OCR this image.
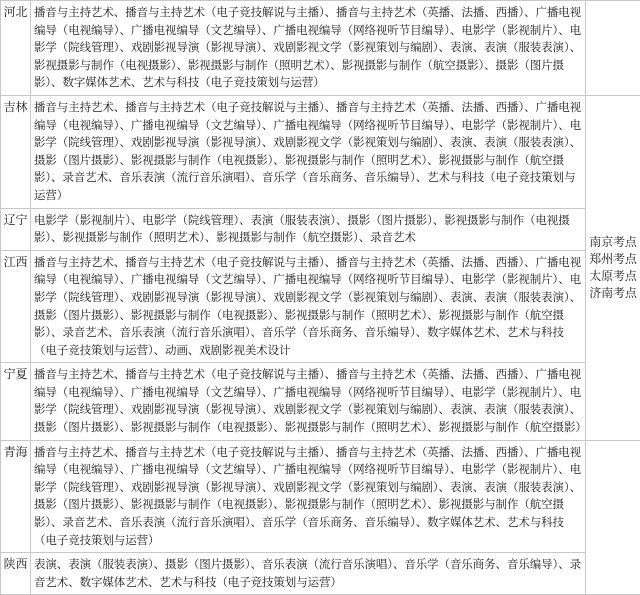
河北	播音与主持艺术、播音与主持艺术（电子竞技解说与主播）、播音与主持艺术（英播、法播、西播）、广播电视编导（电视编导）、广播电视编导（文艺编导）、广播电视编导（网络视听节目编导）、电影学（影视制片）、电影学（院线管理）、戏剧影视导演（影视导演）、戏剧影视文学（影视策划与编剧）、表演、表演（服装表演）、影视摄影与制作（电视摄影）、影视摄影与制作（照明艺术）、影视摄影与制作（航空摄影）、摄影（图片摄影）、数字媒体艺术、艺术与科技（电子竞技策划与运营）	
吉林	播音与主持艺术、播音与主持艺术（电子竞技解说与主播）、播音与主持艺术（英播、法播、西播）、广播电视编导（电视编导）、广播电视编导（文艺编导）、广播电视编导（网络视听节目编导）、电影学（影视制片）、电影学（院线管理）、戏剧影视导演（影视导演）、戏剧影视文学（影视策划与编剧）、表演、表演（服装表演）、摄影（图片摄影）、影视摄影与制作（电视摄影）、影视摄影与制作（照明艺术）、影视摄影与制作（航空摄影）、录音艺术、音乐表演（流行音乐演唱）、音乐学（音乐商务、音乐编导）、艺术与科技（电子竞技策划与运营）	南京考点郑州考点太原考点济南考点

辽宁	电影学（影视制片）、电影学（院线管理）、表演（服装表演）、摄影（图片摄影）、影视摄影与制作（电视摄影）、影视摄影与制作（照明艺术）、影视摄影与制作（航空摄影）、录音艺术	
江西	播音与主持艺术、播音与主持艺术（电子竞技解说与主播）、播音与主持艺术（英播、法播、西播）、广播电视编导（电视编导）、广播电视编导（文艺编导）、广播电视编导（网络视听节目编导）、电影学（影视制片）、电影学（院线管理）、戏剧影视导演（影视导演）、戏剧影视文学（影视策划与编剧）、表演、表演（服装表演）、摄影（图片摄影）、影视摄影与制作（电视摄影）、影视摄影与制作（照明艺术）、影视摄影与制作（航空摄影）、录音艺术、音乐表演（流行音乐演唱）、音乐学（音乐商务、音乐编导）、数字媒体艺术、艺术与科技（电子竞技策划与运营）、动画、戏剧影视美术设计	
宁夏	播音与主持艺术、播音与主持艺术（电子竞技解说与主播）、播音与主持艺术（英播、法播、西播）、广播电视编导（电视编导）、广播电视编导（文艺编导）、广播电视编导（网络视听节目编导）、电影学（影视制片）、电影学（院线管理）、戏剧影视导演（影视导演）、戏剧影视文学（影视策划与编剧）、表演、表演（服装表演）、摄影（图片摄影）、影视摄影与制作（电视摄影）、影视摄影与制作（照明艺术）、影视摄影与制作（航空摄影）	
青海	播音与主持艺术、播音与主持艺术（电子竞技解说与主播）、播音与主持艺术（英播、法播、西播）、广播电视编导（电视编导）、广播电视编导（文艺编导）、广播电视编导（网络视听节目编导）、电影学（影视制片）、电影学（院线管理）、戏剧影视导演（影视导演）、戏剧影视文学（影视策划与编剧）、表演、表演（服装表演）、摄影（图片摄影）、影视摄影与制作（电视摄影）、影视摄影与制作（照明艺术）、影视摄影与制作（航空摄影）、录音艺术、音乐表演（流行音乐演唱）、音乐学（音乐商务、音乐编导）、数字媒体艺术、艺术与科技（电子竞技策划与运营）	
陕西	表演、表演（服装表演）、摄影（图片摄影）、音乐表演（流行音乐演唱）、音乐学（音乐商务、音乐编导）、录音艺术、数字媒体艺术、艺术与科技（电子竞技策划与运营）	
